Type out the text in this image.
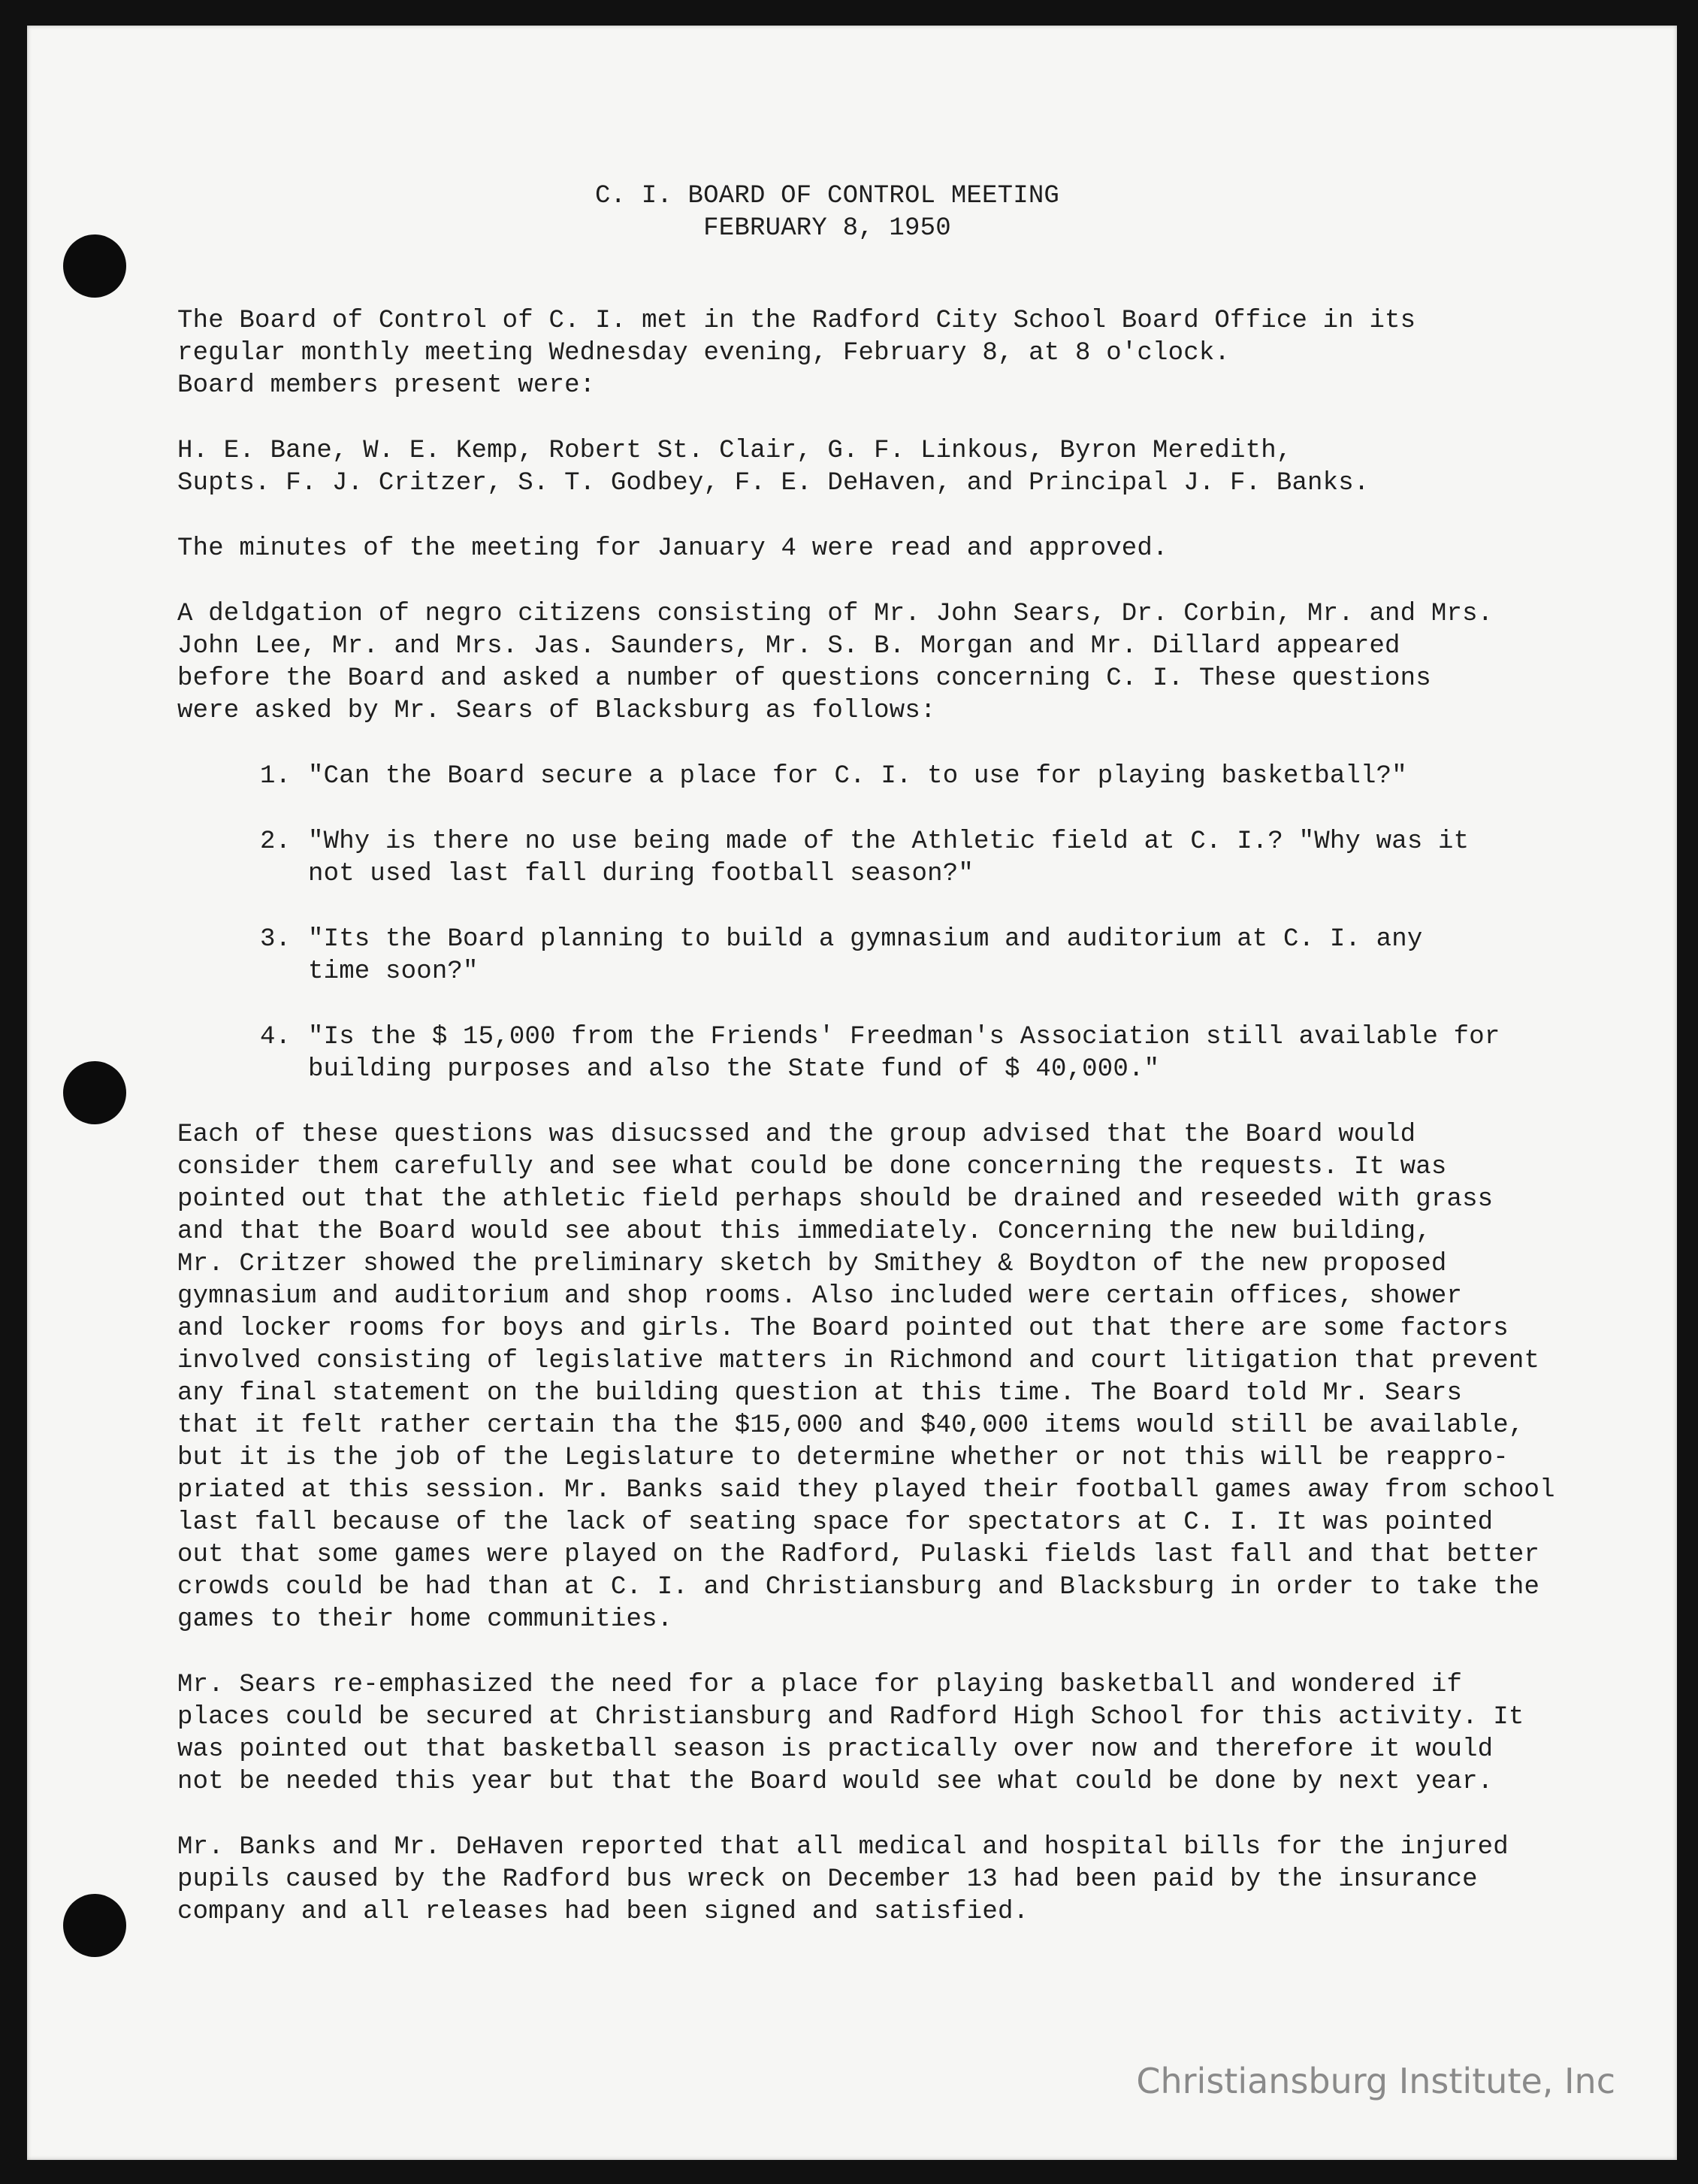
C. I. BOARD OF CONTROL MEETING
FEBRUARY 8, 1950
The Board of Control of C. I. met in the Radford City School Board Office in its
regular monthly meeting Wednesday evening, February 8, at 8 o'clock.
Board members present were:
H. E. Bane, W. E. Kemp, Robert St. Clair, G. F. Linkous, Byron Meredith,
Supts. F. J. Critzer, S. T. Godbey, F. E. DeHaven, and Principal J. F. Banks.
The minutes of the meeting for January 4 were read and approved.
A deldgation of negro citizens consisting of Mr. John Sears, Dr. Corbin, Mr. and Mrs.
John Lee, Mr. and Mrs. Jas. Saunders, Mr. S. B. Morgan and Mr. Dillard appeared
before the Board and asked a number of questions concerning C. I. These questions
were asked by Mr. Sears of Blacksburg as follows:
1. "Can the Board secure a place for C. I. to use for playing basketball?"
2. "Why is there no use being made of the Athletic field at C. I.? "Why was it
not used last fall during football season?"
3. "Its the Board planning to build a gymnasium and auditorium at C. I. any
time soon?"
4. "Is the $ 15,000 from the Friends' Freedman's Association still available for
building purposes and also the State fund of $ 40,000."
Each of these questions was disucssed and the group advised that the Board would
consider them carefully and see what could be done concerning the requests. It was
pointed out that the athletic field perhaps should be drained and reseeded with grass
and that the Board would see about this immediately. Concerning the new building,
Mr. Critzer showed the preliminary sketch by Smithey & Boydton of the new proposed
gymnasium and auditorium and shop rooms. Also included were certain offices, shower
and locker rooms for boys and girls. The Board pointed out that there are some factors
involved consisting of legislative matters in Richmond and court litigation that prevent
any final statement on the building question at this time. The Board told Mr. Sears
that it felt rather certain tha the $15,000 and $40,000 items would still be available,
but it is the job of the Legislature to determine whether or not this will be reappro-
priated at this session. Mr. Banks said they played their football games away from school
last fall because of the lack of seating space for spectators at C. I. It was pointed
out that some games were played on the Radford, Pulaski fields last fall and that better
crowds could be had than at C. I. and Christiansburg and Blacksburg in order to take the
games to their home communities.
Mr. Sears re-emphasized the need for a place for playing basketball and wondered if
places could be secured at Christiansburg and Radford High School for this activity. It
was pointed out that basketball season is practically over now and therefore it would
not be needed this year but that the Board would see what could be done by next year.
Mr. Banks and Mr. DeHaven reported that all medical and hospital bills for the injured
pupils caused by the Radford bus wreck on December 13 had been paid by the insurance
company and all releases had been signed and satisfied.
Christiansburg Institute, Inc
